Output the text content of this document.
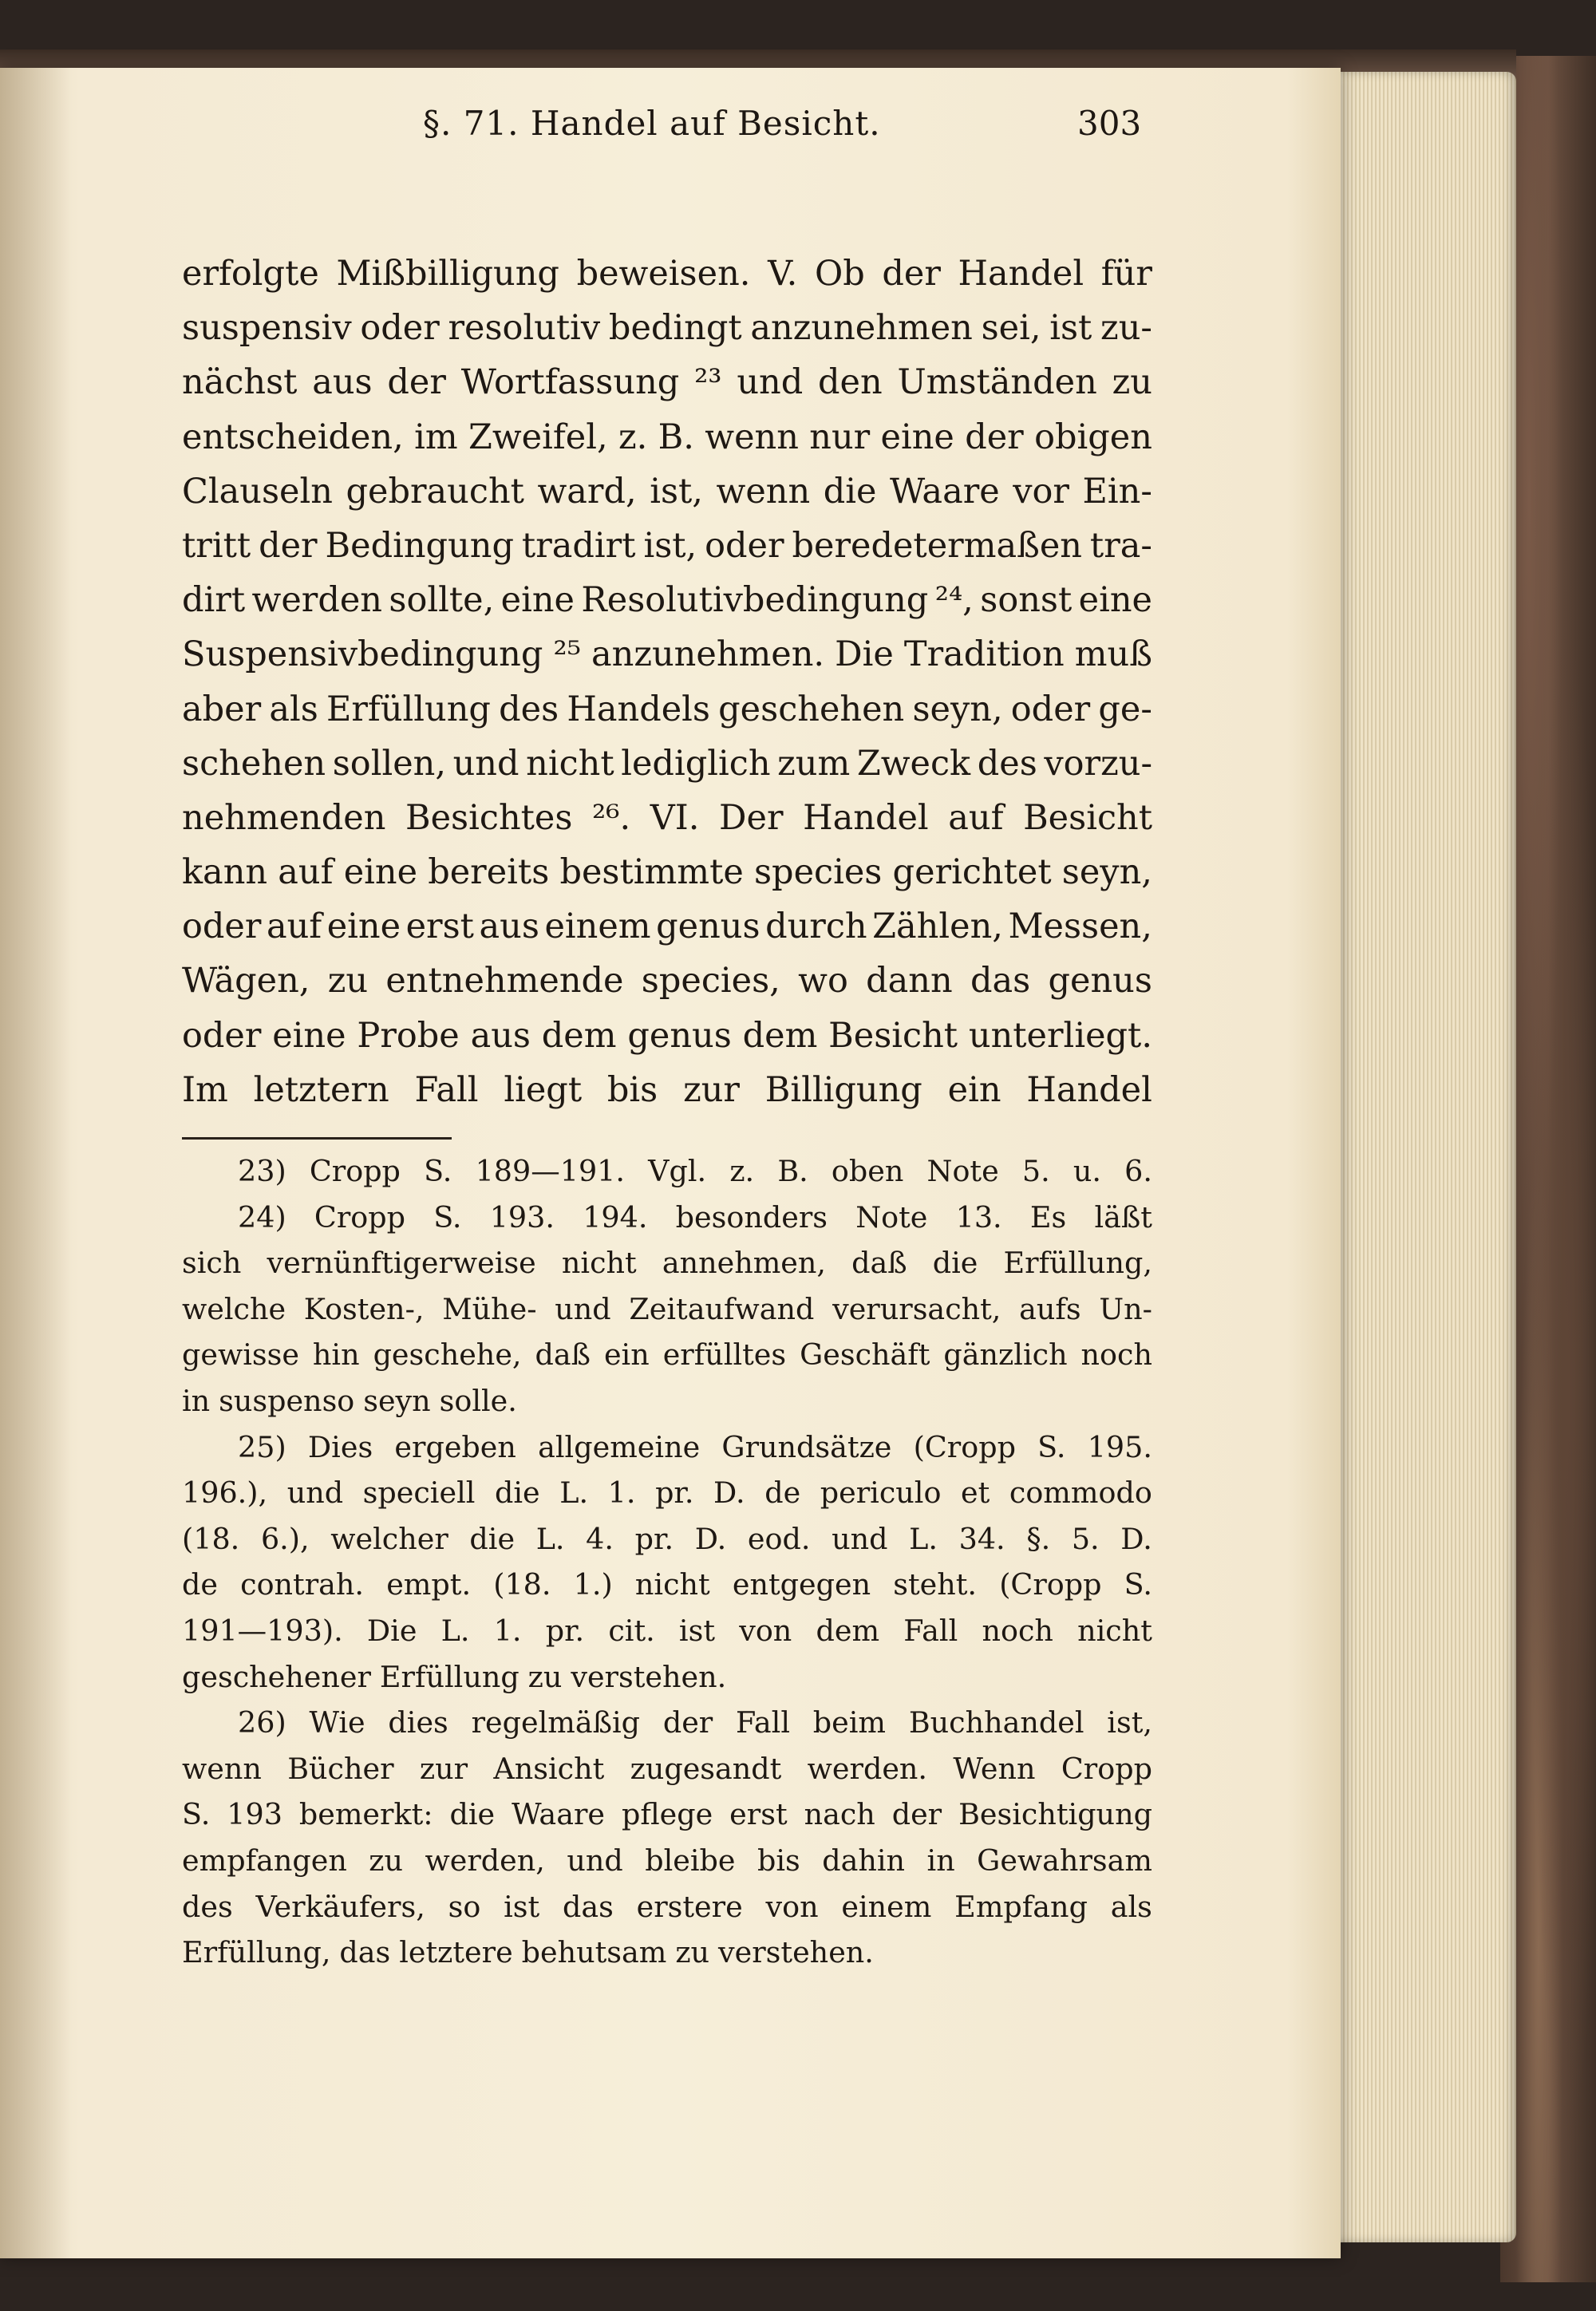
§. 71. Handel auf Besicht.	303
erfolgte Mißbilligung beweisen. V. Ob der Handel für
suspensiv oder resolutiv bedingt anzunehmen sei, ist zu-
nächst aus der Wortfassung ²³ und den Umständen zu
entscheiden, im Zweifel, z. B. wenn nur eine der obigen
Clauseln gebraucht ward, ist, wenn die Waare vor Ein-
tritt der Bedingung tradirt ist, oder beredetermaßen tra-
dirt werden sollte, eine Resolutivbedingung ²⁴, sonst eine
Suspensivbedingung ²⁵ anzunehmen. Die Tradition muß
aber als Erfüllung des Handels geschehen seyn, oder ge-
schehen sollen, und nicht lediglich zum Zweck des vorzu-
nehmenden Besichtes ²⁶. VI. Der Handel auf Besicht
kann auf eine bereits bestimmte species gerichtet seyn,
oder auf eine erst aus einem genus durch Zählen, Messen,
Wägen, zu entnehmende species, wo dann das genus
oder eine Probe aus dem genus dem Besicht unterliegt.
Im letztern Fall liegt bis zur Billigung ein Handel
23) Cropp S. 189—191. Vgl. z. B. oben Note 5. u. 6.
24) Cropp S. 193. 194. besonders Note 13. Es läßt
sich vernünftigerweise nicht annehmen, daß die Erfüllung,
welche Kosten-, Mühe- und Zeitaufwand verursacht, aufs Un-
gewisse hin geschehe, daß ein erfülltes Geschäft gänzlich noch
in suspenso seyn solle.
25) Dies ergeben allgemeine Grundsätze (Cropp S. 195.
196.), und speciell die L. 1. pr. D. de periculo et commodo
(18. 6.), welcher die L. 4. pr. D. eod. und L. 34. §. 5. D.
de contrah. empt. (18. 1.) nicht entgegen steht. (Cropp S.
191—193). Die L. 1. pr. cit. ist von dem Fall noch nicht
geschehener Erfüllung zu verstehen.
26) Wie dies regelmäßig der Fall beim Buchhandel ist,
wenn Bücher zur Ansicht zugesandt werden. Wenn Cropp
S. 193 bemerkt: die Waare pflege erst nach der Besichtigung
empfangen zu werden, und bleibe bis dahin in Gewahrsam
des Verkäufers, so ist das erstere von einem Empfang als
Erfüllung, das letztere behutsam zu verstehen.
